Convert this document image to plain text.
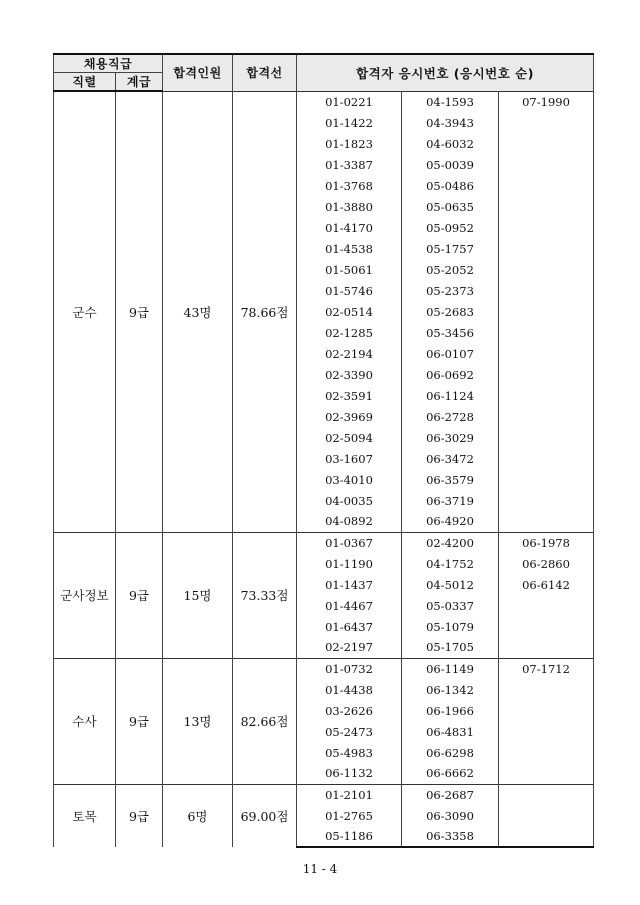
채용직급		합격인원	합격선	합격자 응시번호 (응시번호 순)		
직렬	계급					
군수	9급	43명	78.66점	01-0221	04-1593	07-1990
				01-1422	04-3943	
				01-1823	04-6032	
				01-3387	05-0039	
				01-3768	05-0486	
				01-3880	05-0635	
				01-4170	05-0952	
				01-4538	05-1757	
				01-5061	05-2052	
				01-5746	05-2373	
				02-0514	05-2683	
				02-1285	05-3456	
				02-2194	06-0107	
				02-3390	06-0692	
				02-3591	06-1124	
				02-3969	06-2728	
				02-5094	06-3029	
				03-1607	06-3472	
				03-4010	06-3579	
				04-0035	06-3719	
				04-0892	06-4920	
군사정보	9급	15명	73.33점	01-0367	02-4200	06-1978
				01-1190	04-1752	06-2860
				01-1437	04-5012	06-6142
				01-4467	05-0337	
				01-6437	05-1079	
				02-2197	05-1705	
수사	9급	13명	82.66점	01-0732	06-1149	07-1712
				01-4438	06-1342	
				03-2626	06-1966	
				05-2473	06-4831	
				05-4983	06-6298	
				06-1132	06-6662	
토목	9급	6명	69.00점	01-2101	06-2687	
				01-2765	06-3090	
				05-1186	06-3358	
11 - 4
